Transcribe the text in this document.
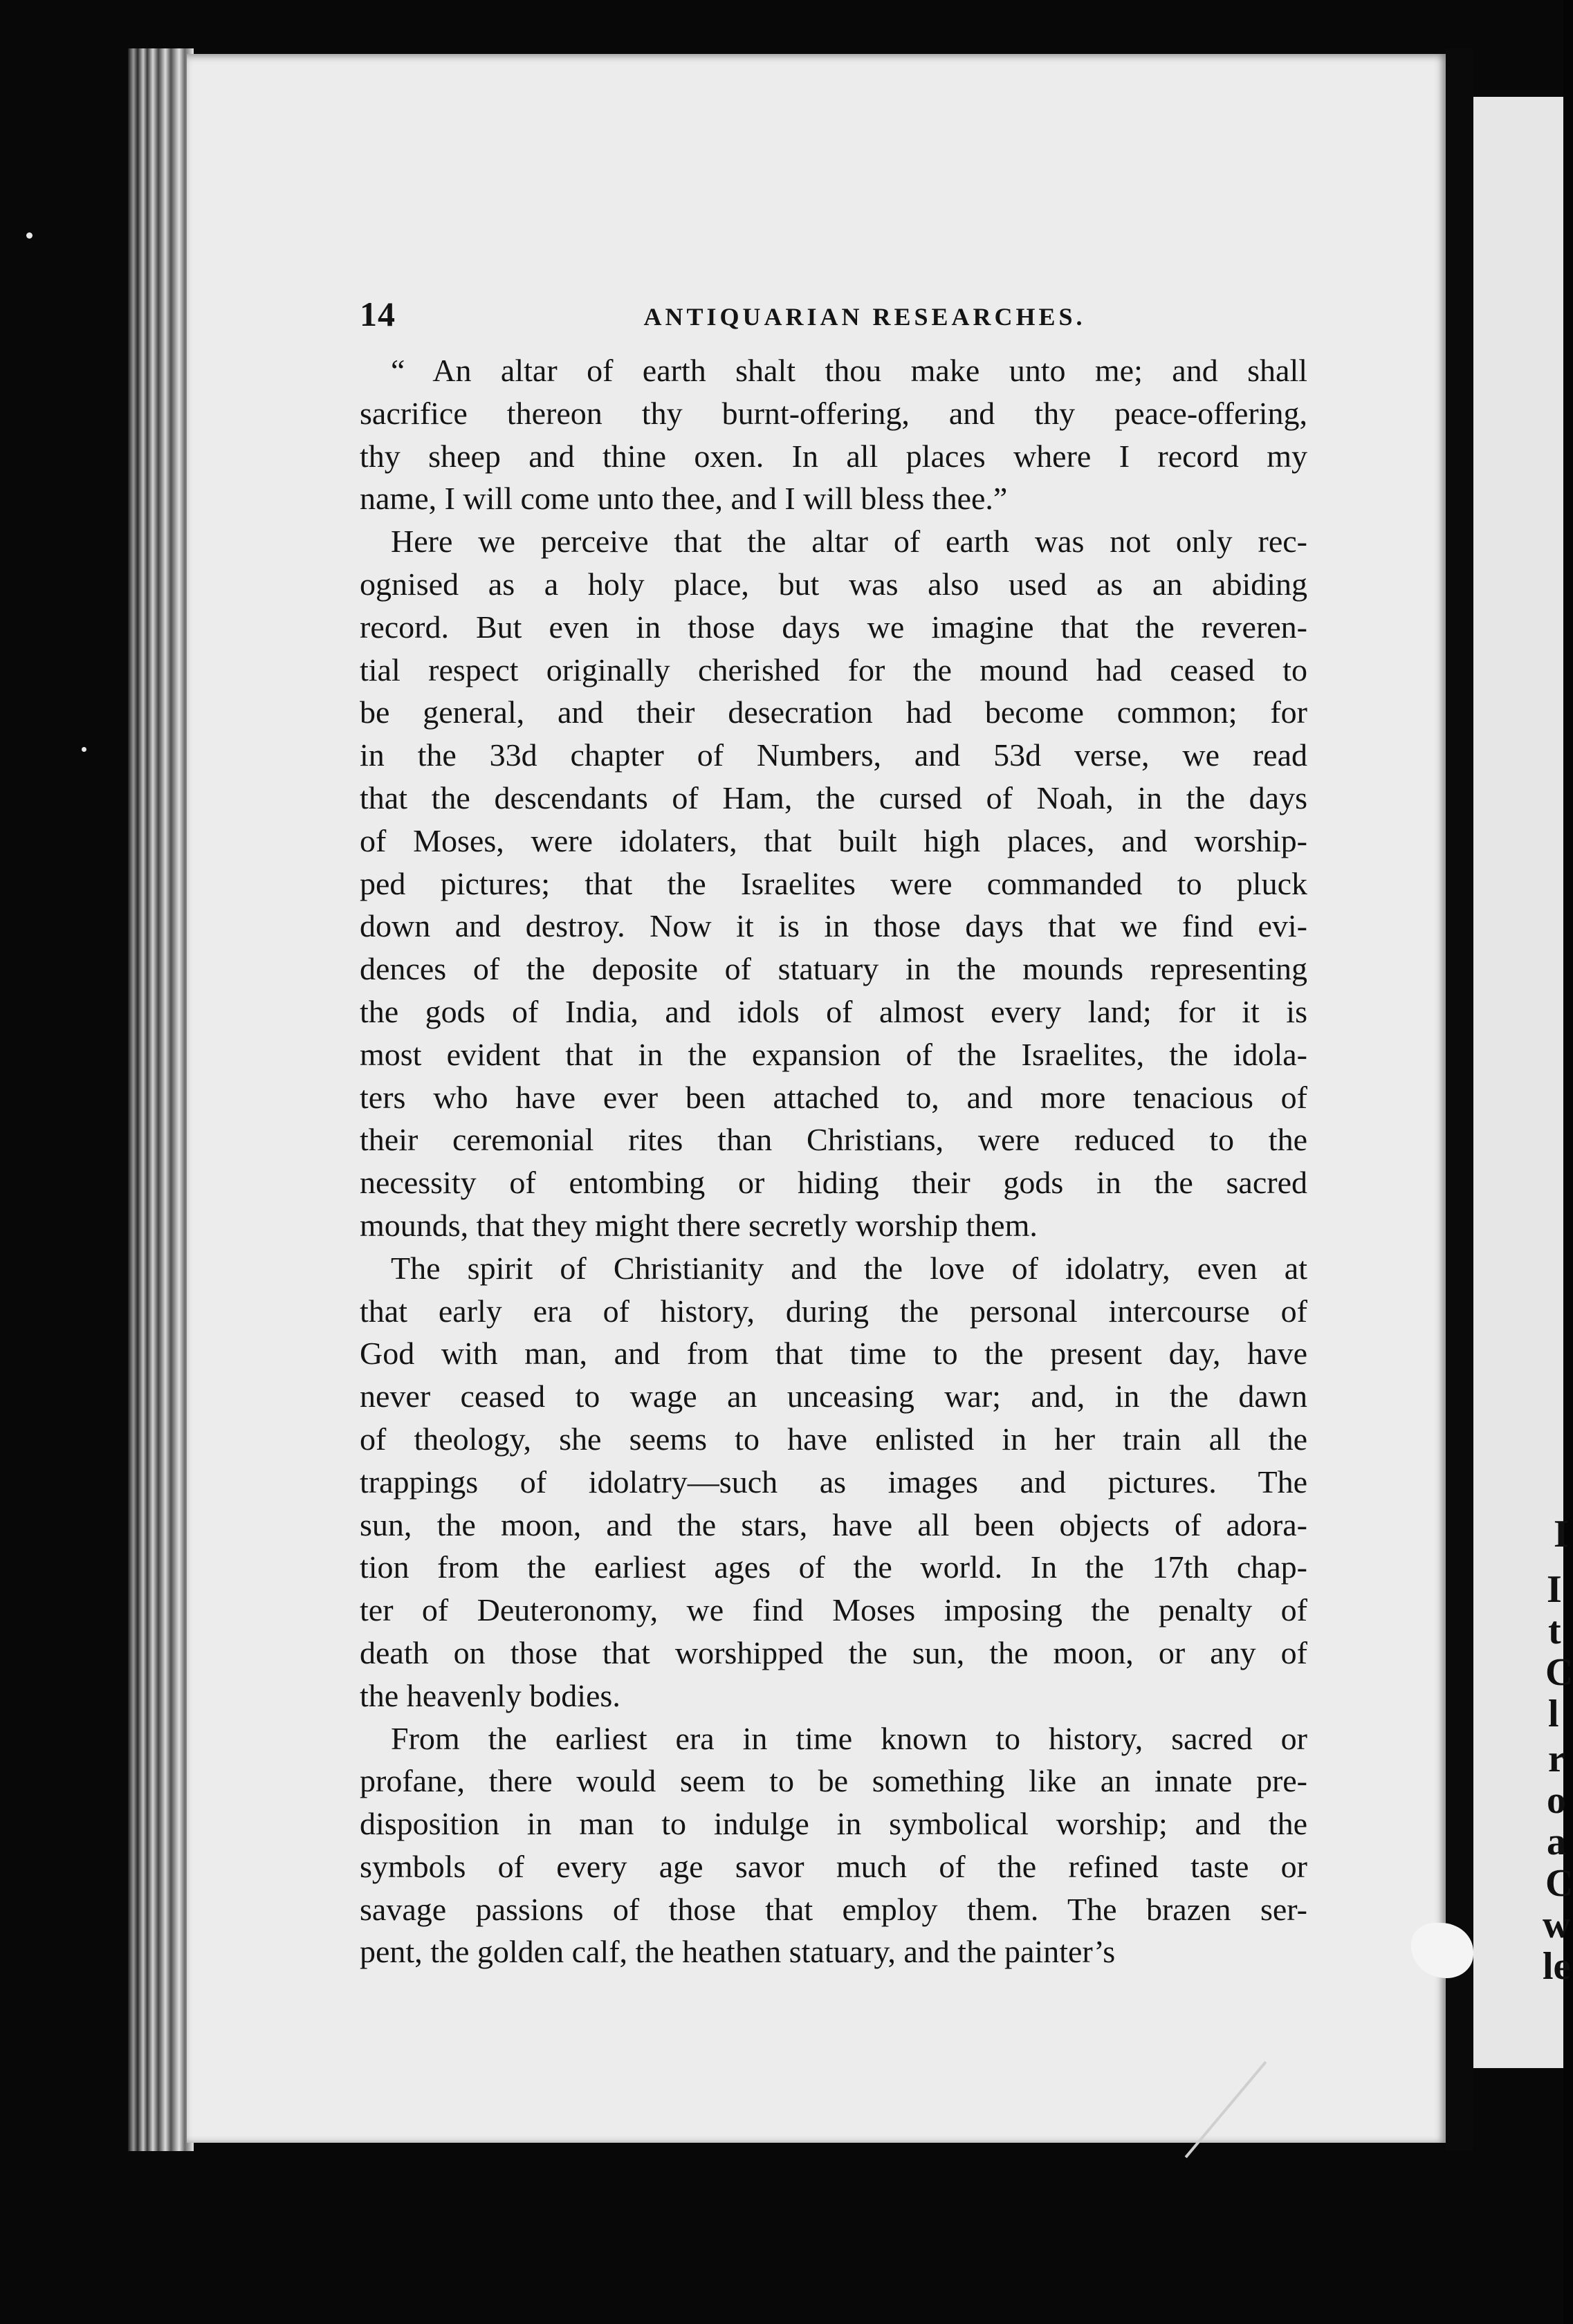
I
I
t
C
l
r
o
a
C
w
le
14	ANTIQUARIAN RESEARCHES.

“ An altar of earth shalt thou make unto me; and shall
sacrifice thereon thy burnt-offering, and thy peace-offering,
thy sheep and thine oxen. In all places where I record my
name, I will come unto thee, and I will bless thee.”

Here we perceive that the altar of earth was not only rec-
ognised as a holy place, but was also used as an abiding
record. But even in those days we imagine that the reveren-
tial respect originally cherished for the mound had ceased to
be general, and their desecration had become common; for
in the 33d chapter of Numbers, and 53d verse, we read
that the descendants of Ham, the cursed of Noah, in the days
of Moses, were idolaters, that built high places, and worship-
ped pictures; that the Israelites were commanded to pluck
down and destroy. Now it is in those days that we find evi-
dences of the deposite of statuary in the mounds representing
the gods of India, and idols of almost every land; for it is
most evident that in the expansion of the Israelites, the idola-
ters who have ever been attached to, and more tenacious of
their ceremonial rites than Christians, were reduced to the
necessity of entombing or hiding their gods in the sacred
mounds, that they might there secretly worship them.

The spirit of Christianity and the love of idolatry, even at
that early era of history, during the personal intercourse of
God with man, and from that time to the present day, have
never ceased to wage an unceasing war; and, in the dawn
of theology, she seems to have enlisted in her train all the
trappings of idolatry—such as images and pictures. The
sun, the moon, and the stars, have all been objects of adora-
tion from the earliest ages of the world. In the 17th chap-
ter of Deuteronomy, we find Moses imposing the penalty of
death on those that worshipped the sun, the moon, or any of
the heavenly bodies.

From the earliest era in time known to history, sacred or
profane, there would seem to be something like an innate pre-
disposition in man to indulge in symbolical worship; and the
symbols of every age savor much of the refined taste or
savage passions of those that employ them. The brazen ser-
pent, the golden calf, the heathen statuary, and the painter’s
